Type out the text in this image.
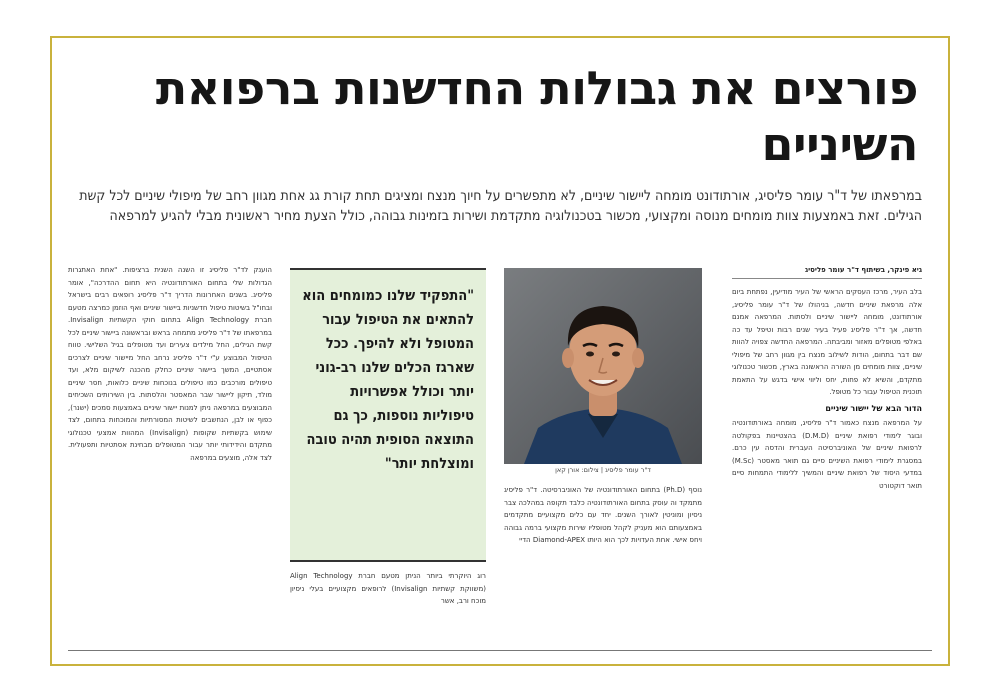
פורצים את גבולות החדשנות ברפואת השיניים

במרפאתו של ד"ר עומר פליסיג, אורתודונט מומחה ליישור שיניים, לא מתפשרים על חיוך מנצח ומציגים תחת קורת גג אחת מגוון רחב של מיפולי שיניים לכל קשת הגילים. זאת באמצעות צוות מומחים מנוסה ומקצועי, מכשור בטכנולוגיה מתקדמת ושירות בזמינות גבוהה, כולל הצעת מחיר ראשונית מבלי להגיע למרפאה

גיא פינקר, בשיתוף ד"ר עומר פליסיג

בלב העיר, מרכז העסקים הראשי של העיר מודיעין, נפתחת ביום אלה מרפאת שיניים חדשה, בניהולו של ד"ר עומר פליסיג, אורתודונט, מומחה ליישור שיניים ולסתות. המרפאה אמנם חדשה, אך ד"ר פליסיג פעיל בעיר שנים רבות וטיפל עד כה באלפי מטופלים מאזור ומביבתה. המרפאה החדשה צפויה להוות שם דבר בתחום, הודות לשילוב מנצח בין מגוון רחב של מיפולי שיניים, צוות מומחים מן השורה הראשונה בארץ, מכשור טכנולוגי מתקדם, והשיא לא פחות, יחס וליווי אישי בדגש על התאמת תוכנית הטיפול עבור כל מטופל.

הדור הבא של יישור שיניים

על המרפאה מנצח כאמור ד"ר פליסיג, מומחה באורתודונטיה ובוגר לימודי רפואת שיניים (D.M.D) בהצטיינות בפקולטה לרפואת שיניים של האוניברסיטה העברית והדסה עין כרם. במסגרת לימודי רפואת השיניים סיים גם תואר מאסטר (M.Sc) במדעי היסוד של רפואת שיניים והמשיך ללימודי התמחות סיים תואר דוקטורט

ד"ר עומר פליסיג | צילום: אורן קאן

נוסף (Ph.D) בתחום האורתודונטיה של האוניברסיטה. ד"ר פליסיג מתמקד וה עוסק בתחום האורתודונטיה כלבד תקופה במהלכה צבר ניסיון ומוניטין לאורך השנים. יחד עם כלים מקצועיים מתקדמים באמצעותם הוא מעניק לקהל מטופליו שירות מקצועי ברמה גבוהה ויחס אישי. אחת העדויות לכך הוא היותו Diamond-APEX הדיי

"התפקיד שלנו כמומחים הוא להתאים את הטיפול עבור המטופל ולא להיפך. ככל שארגז הכלים שלנו רב-גוני יותר וכולל אפשרויות טיפוליות נוספות, כך גם התוצאה הסופית תהיה טובה ומוצלחת יותר"

רוג היוקרתי ביותר הניתן מטעם חברת Align Technology (משווקת קשתיות Invisalign) לרופאים מקצועיים בעלי ניסיון מוכח ורב, אשר

הוענק לד"ר פליסיג זו השנה השנית ברציפות. "אחת האתגרות הגדולות שלי בתחום האורתודונטיה היא תחום ההדרכה", אומר פליסיג. בשנים האחרונות הדריך ד"ר פליסיג רופאים רבים בישראל ובחו"ל בשיטות טיפול חדשניות ביישור שיניים ואף הוזמן כמרצה מטעם חברת Align Technology בתחום חוקי הקשתיות Invisalign. במרפאתו של ד"ר פליסיג מתמחה בראש ובראשונה ביישור שיניים לכל קשת הגילים, החל מילדים צעירים ועד מטופלים בגיל השלישי. טווח הטיפול המבוצע ע"י ד"ר פליסיג נרחב החל מיישור שיניים לצרכים אסתטיים, המשך ביישור שיניים כחלק מהכנה לשיקום מלא, ועד טיפולים מורכבים כמו טיפולים בנוכחות שיניים כלואות, חסר שיניים מולד, תיקון ליישור שבר המאסטר והלסתות. בין השירותים השכיחים המבוצעים במרפאה ניתן למנות יישור שיניים באמצעות סמכים (ישנר), כפוף או לבן, הנחשבים לשיטות המסורתיות והמוכחות בתחום, לצד שימוש בקשתיות שקופות (Invisalign) המהוות אמצעי טכנולוגי מתקדם והידידותי יותר עבור המטופלים מבחינת אסתטיות ותפעולית. לצד אלה, מוצעים במרפאה
